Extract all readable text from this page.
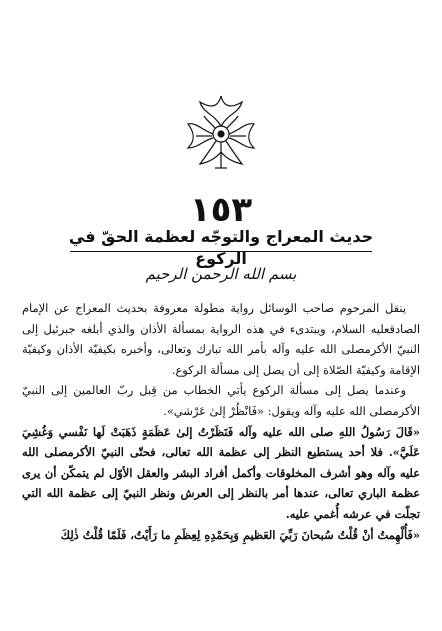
١٥٣
حديث المعراج والتوجّه لعظمة الحقّ في الركوع
بسم الله الرحمن الرحيم

ينقل المرحوم صاحب الوسائل رواية مطولة معروفة بحديث المعراج عن الإمام الصادقعليه السلام، ويبتدىء في هذه الرواية بمسألة الأذان والذي أبلغه جبرئيل إلى النبيّ الأكرمصلى الله عليه وآله بأمر الله تبارك وتعالى، وأخبره بكيفيّة الأذان وكيفيّة الإقامة وكيفيّة الصّلاة إلى أن يصل إلى مسألة الركوع.

وعندما يصل إلى مسألة الركوع يأتي الخطاب من قِبل ربّ العالمين إلى النبيّ الأكرمصلى الله عليه وآله ويقول: «فَانْظُرْ إلىٰ عَرْشي».

«قَالَ رَسُولُ اللهِ صلى الله عليه وآله فَنَظَرْتُ إلىٰ عَظَمَةٍ ذَهَبَتْ لَها نَفْسي وَغُشِيَ عَلَيَّ». فلا أحد يستطيع النظر إلى عظمة الله تعالى، فحتّى النبيّ الأكرمصلى الله عليه وآله وهو أشرف المخلوقات وأكمل أفراد البشر والعقل الأوّل لم يتمكّن أن يرى عظمة الباري تعالى، عندها أمر بالنظر إلى العرش ونظر النبيّ إلى عظمة الله التي تجلّت في عرشه أُغمي عليه.

«فَأُلْهِمتُ أنْ قُلْتُ سُبحانَ رَبِّيَ العَظيمِ وَبِحَمْدِهِ لِعِظَمِ ما رَأَيْتُ، فَلَمّا قُلْتُ ذٰلِكَ
